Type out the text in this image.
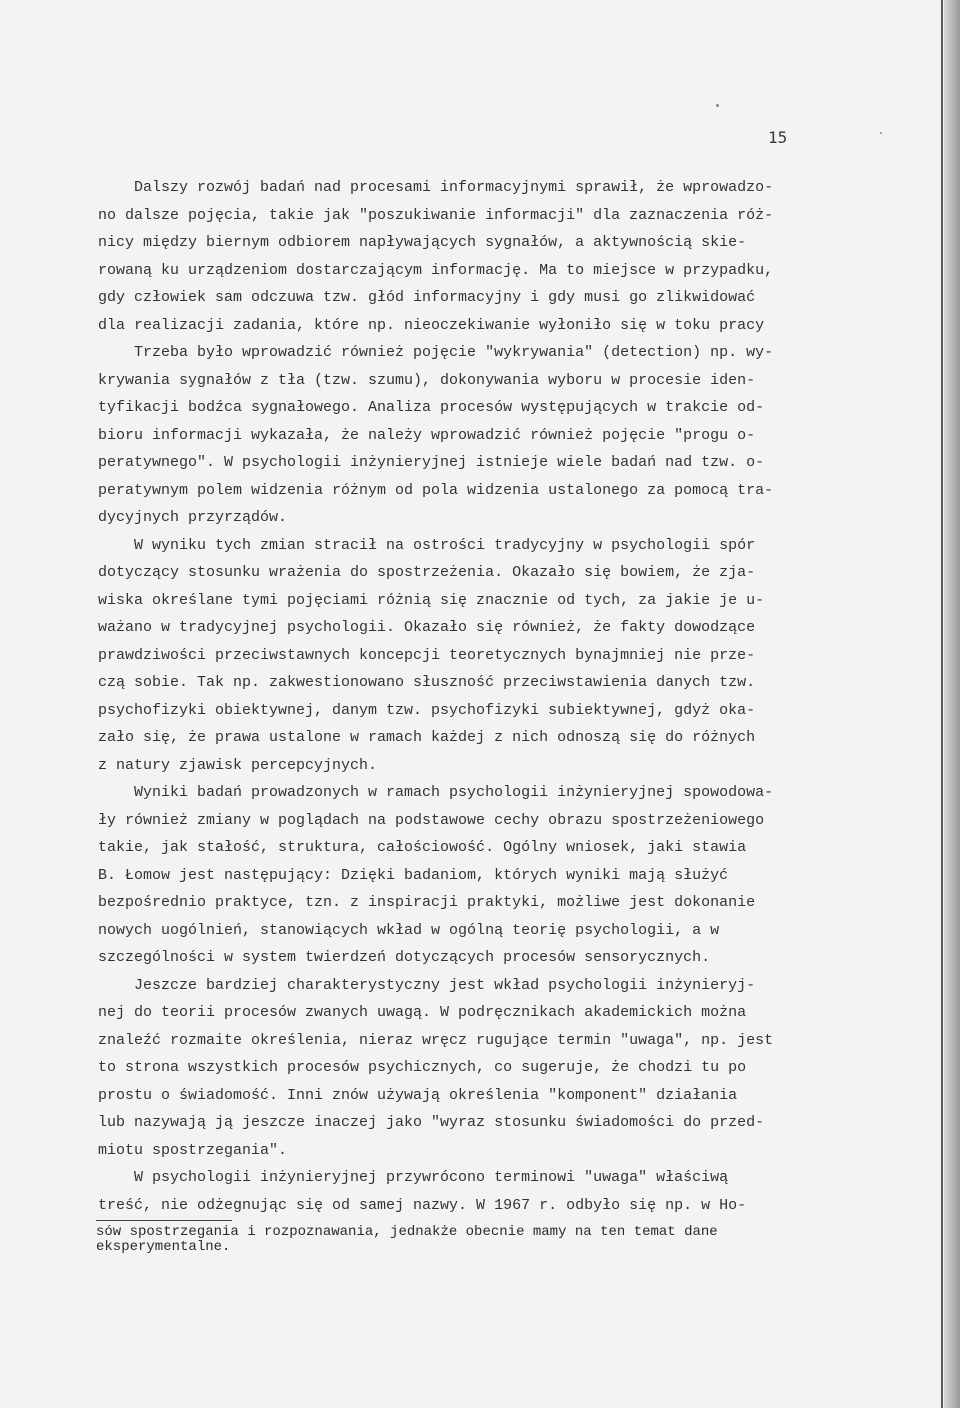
15
Dalszy rozwój badań nad procesami informacyjnymi sprawił, że wprowadzo-
no dalsze pojęcia, takie jak "poszukiwanie informacji" dla zaznaczenia róż-
nicy między biernym odbiorem napływających sygnałów, a aktywnością skie-
rowaną ku urządzeniom dostarczającym informację. Ma to miejsce w przypadku,
gdy człowiek sam odczuwa tzw. głód informacyjny i gdy musi go zlikwidować
dla realizacji zadania, które np. nieoczekiwanie wyłoniło się w toku pracy
Trzeba było wprowadzić również pojęcie "wykrywania" (detection) np. wy-
krywania sygnałów z tła (tzw. szumu), dokonywania wyboru w procesie iden-
tyfikacji bodźca sygnałowego. Analiza procesów występujących w trakcie od-
bioru informacji wykazała, że należy wprowadzić również pojęcie "progu o-
peratywnego". W psychologii inżynieryjnej istnieje wiele badań nad tzw. o-
peratywnym polem widzenia różnym od pola widzenia ustalonego za pomocą tra-
dycyjnych przyrządów.
W wyniku tych zmian stracił na ostrości tradycyjny w psychologii spór
dotyczący stosunku wrażenia do spostrzeżenia. Okazało się bowiem, że zja-
wiska określane tymi pojęciami różnią się znacznie od tych, za jakie je u-
ważano w tradycyjnej psychologii. Okazało się również, że fakty dowodzące
prawdziwości przeciwstawnych koncepcji teoretycznych bynajmniej nie prze-
czą sobie. Tak np. zakwestionowano słuszność przeciwstawienia danych tzw.
psychofizyki obiektywnej, danym tzw. psychofizyki subiektywnej, gdyż oka-
zało się, że prawa ustalone w ramach każdej z nich odnoszą się do różnych
z natury zjawisk percepcyjnych.
Wyniki badań prowadzonych w ramach psychologii inżynieryjnej spowodowa-
ły również zmiany w poglądach na podstawowe cechy obrazu spostrzeżeniowego
takie, jak stałość, struktura, całościowość. Ogólny wniosek, jaki stawia
B. Łomow jest następujący: Dzięki badaniom, których wyniki mają służyć
bezpośrednio praktyce, tzn. z inspiracji praktyki, możliwe jest dokonanie
nowych uogólnień, stanowiących wkład w ogólną teorię psychologii, a w
szczególności w system twierdzeń dotyczących procesów sensorycznych.
Jeszcze bardziej charakterystyczny jest wkład psychologii inżynieryj-
nej do teorii procesów zwanych uwagą. W podręcznikach akademickich można
znaleźć rozmaite określenia, nieraz wręcz rugujące termin "uwaga", np. jest
to strona wszystkich procesów psychicznych, co sugeruje, że chodzi tu po
prostu o świadomość. Inni znów używają określenia "komponent" działania
lub nazywają ją jeszcze inaczej jako "wyraz stosunku świadomości do przed-
miotu spostrzegania".
W psychologii inżynieryjnej przywrócono terminowi "uwaga" właściwą
treść, nie odżegnując się od samej nazwy. W 1967 r. odbyło się np. w Ho-
sów spostrzegania i rozpoznawania, jednakże obecnie mamy na ten temat dane
eksperymentalne.
